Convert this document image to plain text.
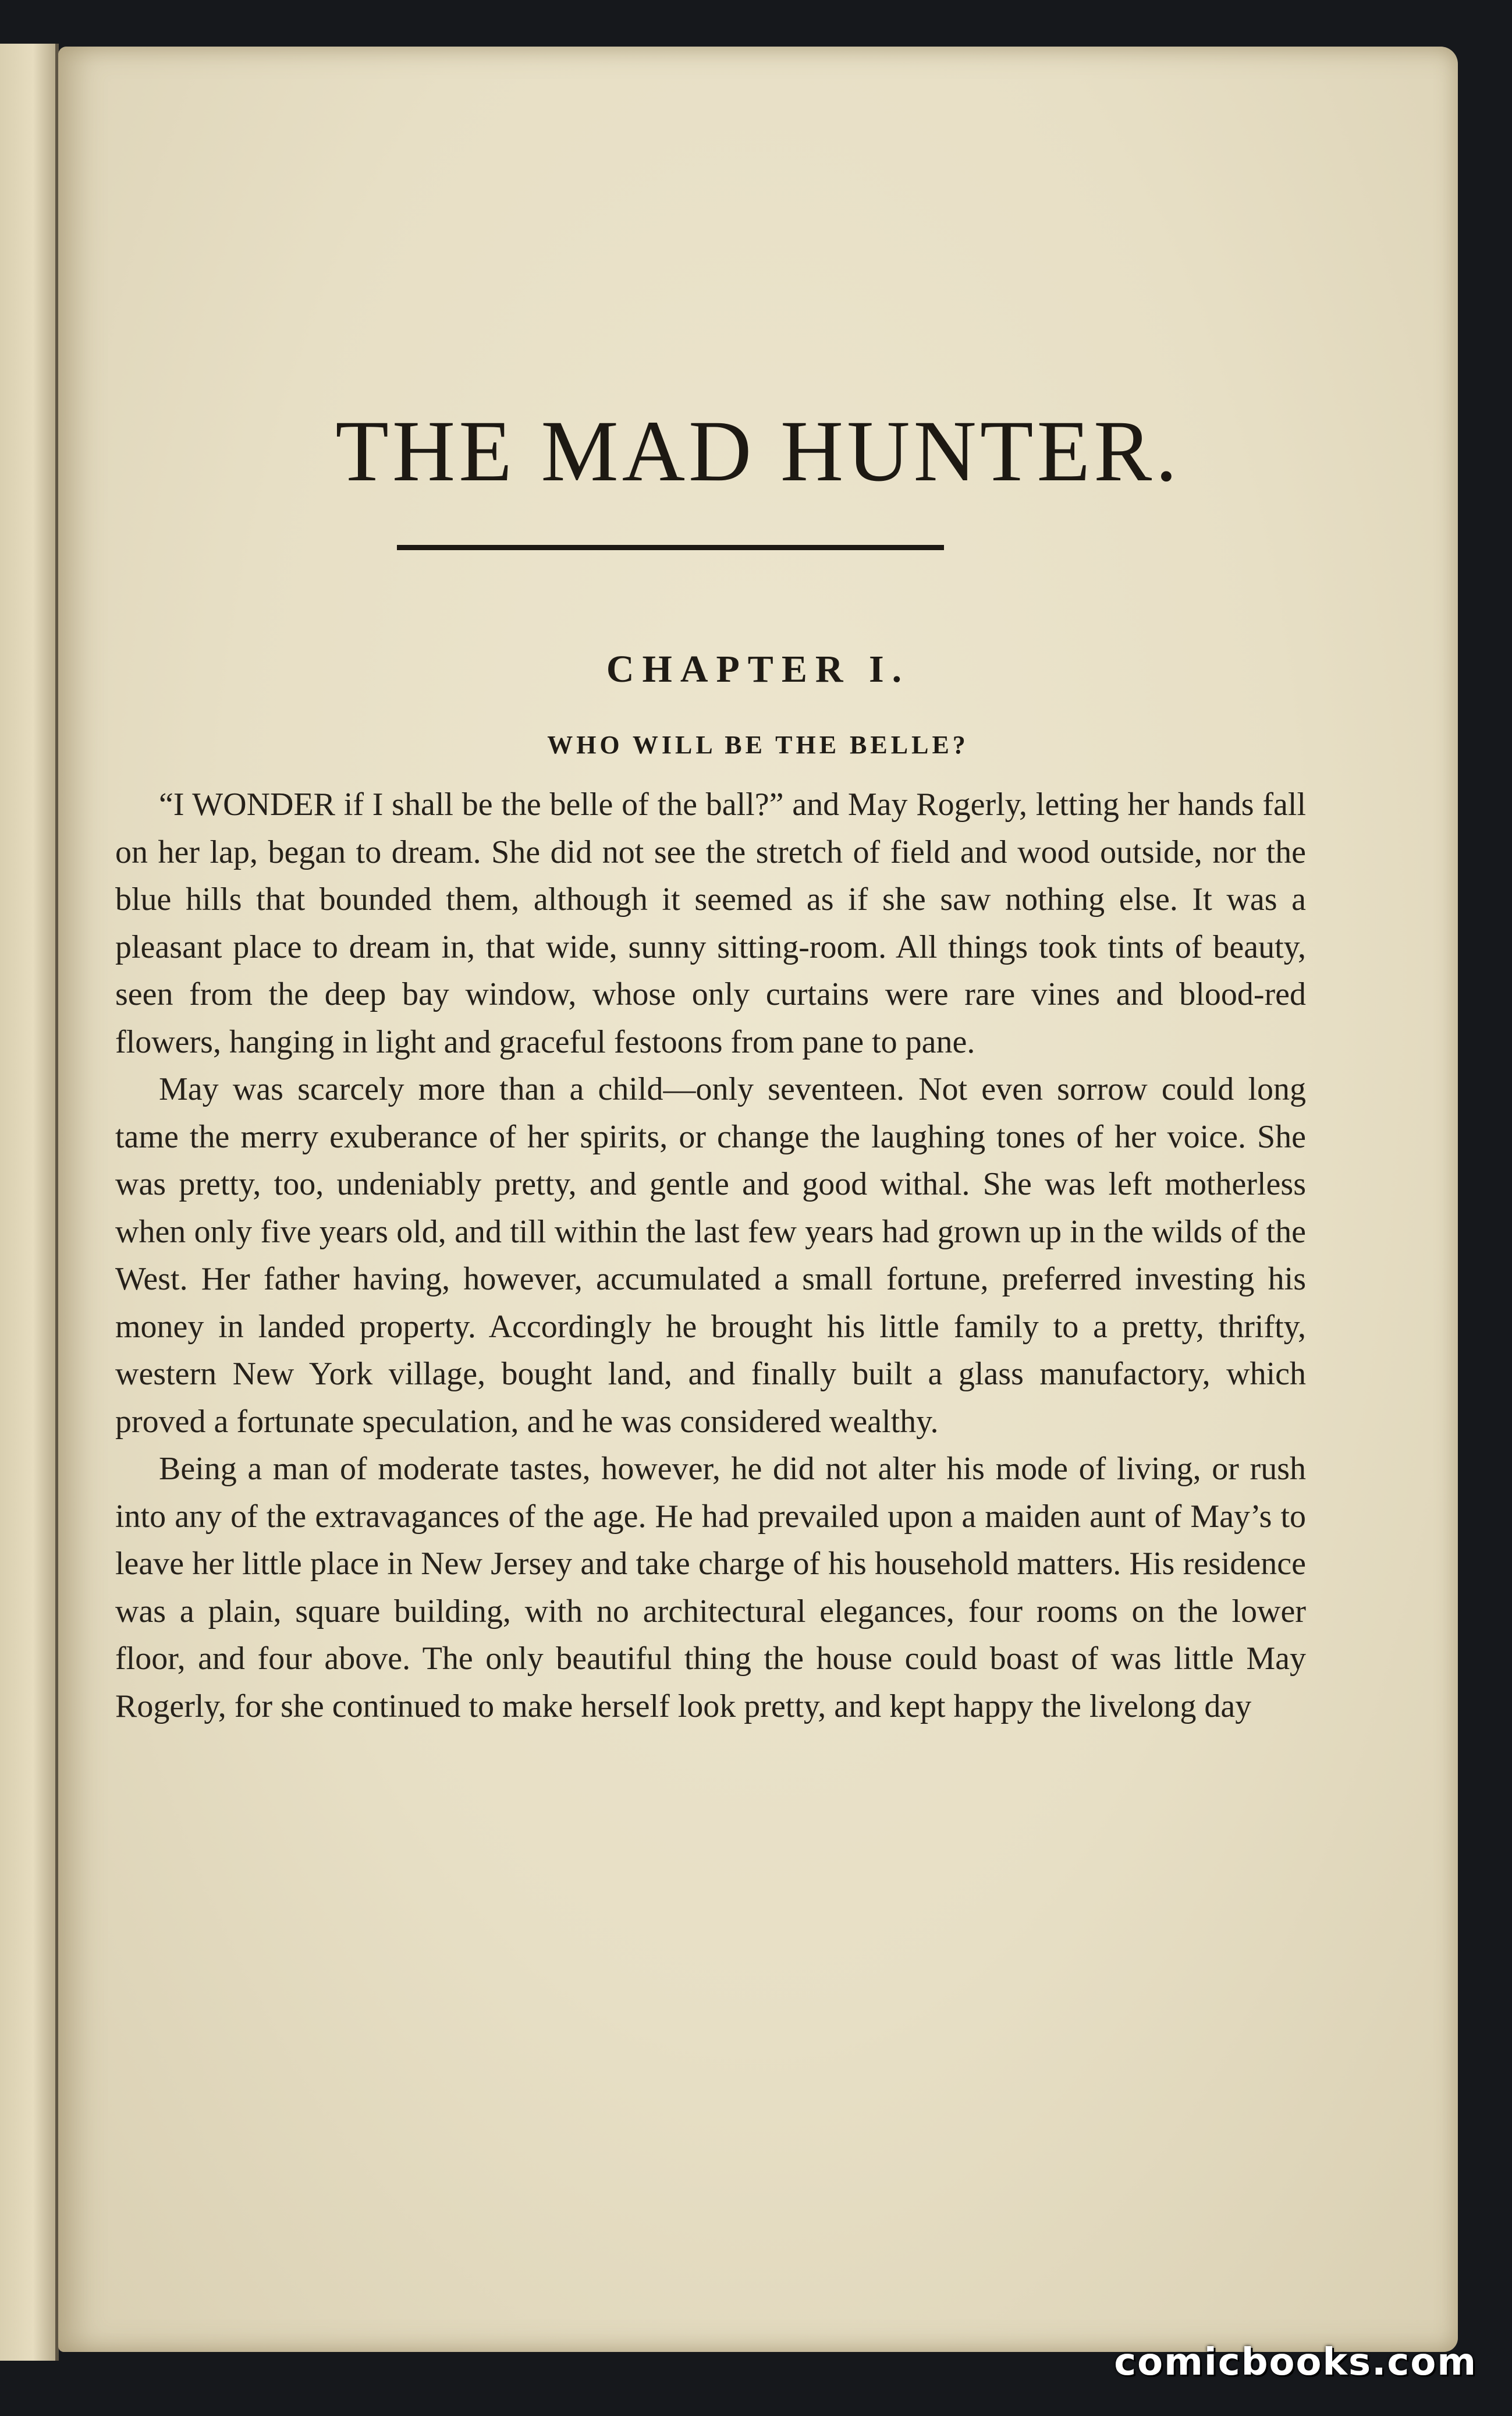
THE MAD HUNTER.
CHAPTER I.
WHO WILL BE THE BELLE?

“I WONDER if I shall be the belle of the ball?” and May Rogerly, letting her hands fall on her lap, began to dream. She did not see the stretch of field and wood outside, nor the blue hills that bounded them, although it seemed as if she saw nothing else. It was a pleasant place to dream in, that wide, sunny sitting-room. All things took tints of beauty, seen from the deep bay window, whose only curtains were rare vines and blood-red flowers, hanging in light and graceful festoons from pane to pane.

May was scarcely more than a child—only seventeen. Not even sorrow could long tame the merry exuberance of her spirits, or change the laughing tones of her voice. She was pretty, too, undeniably pretty, and gentle and good withal. She was left motherless when only five years old, and till within the last few years had grown up in the wilds of the West. Her father having, however, accumulated a small fortune, preferred investing his money in landed property. Accordingly he brought his little family to a pretty, thrifty, western New York village, bought land, and finally built a glass manufactory, which proved a fortunate speculation, and he was considered wealthy.

Being a man of moderate tastes, however, he did not alter his mode of living, or rush into any of the extravagances of the age. He had prevailed upon a maiden aunt of May’s to leave her little place in New Jersey and take charge of his household matters. His residence was a plain, square building, with no architectural elegances, four rooms on the lower floor, and four above. The only beautiful thing the house could boast of was little May Rogerly, for she continued to make herself look pretty, and kept happy the livelong day

comicbooks.com
